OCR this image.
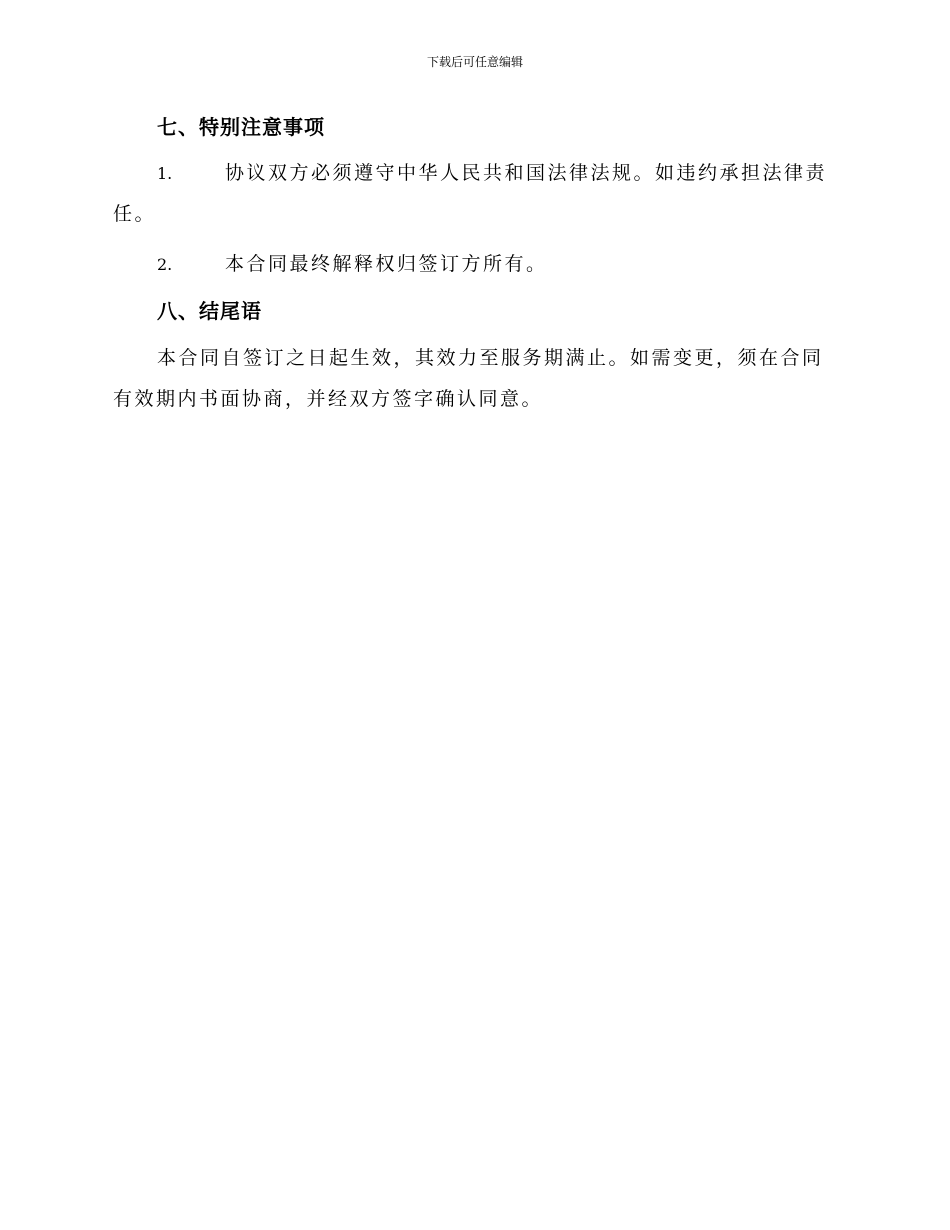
下载后可任意编辑
七、特别注意事项
1.	协议双方必须遵守中华人民共和国法律法规。如违约承担法律责任。
2.	本合同最终解释权归签订方所有。
八、结尾语

本合同自签订之日起生效，其效力至服务期满止。如需变更，须在合同有效期内书面协商，并经双方签字确认同意。
